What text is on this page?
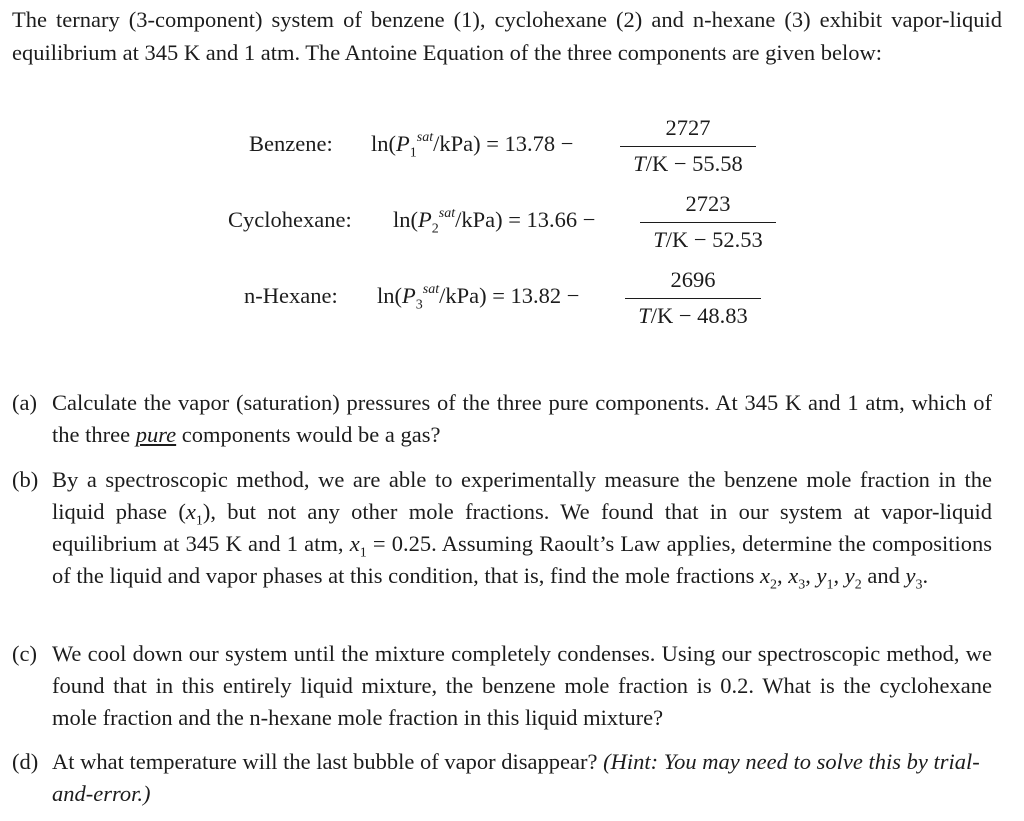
The ternary (3-component) system of benzene (1), cyclohexane (2) and n-hexane (3) exhibit vapor-liquid equilibrium at 345 K and 1 atm. The Antoine Equation of the three components are given below:
Benzene: $\ln(P_1^{sat}/kPa) = 13.78$ −
2727
T/K − 55.58
Cyclohexane: $\ln(P_2^{sat}/kPa) = 13.66$ −
2723
T/K − 52.53
n-Hexane: $\ln(P_3^{sat}/kPa) = 13.82$ −
2696
T/K − 48.83
(a) Calculate the vapor (saturation) pressures of the three pure components. At 345 K and 1 atm, which of the three pure components would be a gas?
(b) By a spectroscopic method, we are able to experimentally measure the benzene mole fraction in the liquid phase $(x_1)$, but not any other mole fractions. We found that in our system at vapor-liquid equilibrium at 345 K and 1 atm, $x_1 = 0.25$. Assuming Raoult’s Law applies, determine the compositions of the liquid and vapor phases at this condition, that is, find the mole fractions $x_2$, $x_3$, $y_1$, $y_2$ and $y_3$.
(c) We cool down our system until the mixture completely condenses. Using our spectroscopic method, we found that in this entirely liquid mixture, the benzene mole fraction is 0.2. What is the cyclohexane mole fraction and the n-hexane mole fraction in this liquid mixture?
(d) At what temperature will the last bubble of vapor disappear? (Hint: You may need to solve this by trial-and-error.)
